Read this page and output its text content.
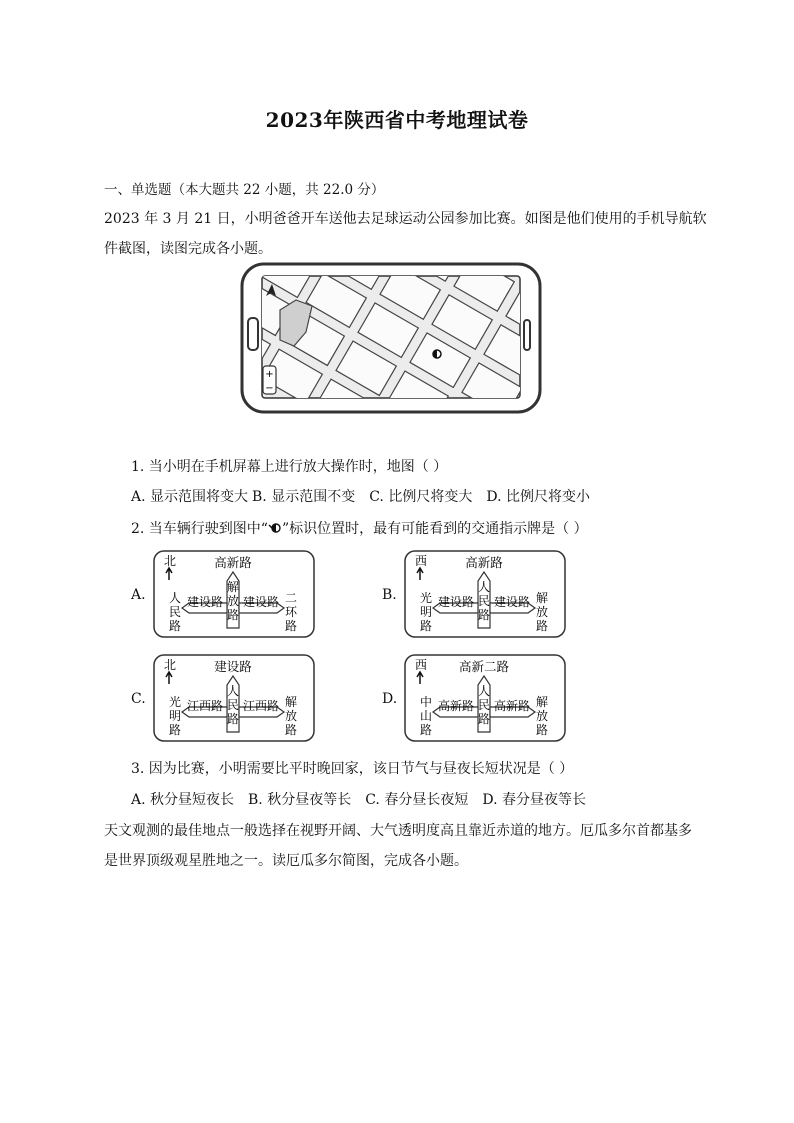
2023年陕西省中考地理试卷
一、单选题（本大题共 22 小题，共 22.0 分）
2023 年 3 月 21 日，小明爸爸开车送他去足球运动公园参加比赛。如图是他们使用的手机导航软
件截图，读图完成各小题。
+
−
1. 当小明在手机屏幕上进行放大操作时，地图（ ）
A. 显示范围将变大 B. 显示范围不变 C. 比例尺将变大 D. 比例尺将变小
2. 当车辆行驶到图中“ ”标识位置时，最有可能看到的交通指示牌是（ ）
A.
北	高新路
解
放
路
建设路 建设路
人
民
路
二
环
路
B.
西	高新路
人
民
路
建设路 建设路
光
明
路
解
放
路
C.
北	建设路
人
民
路
江西路 江西路
光
明
路
解
放
路
D.
西	高新二路
人
民
路
高新路 高新路
中
山
路
解
放
路
3. 因为比赛，小明需要比平时晚回家，该日节气与昼夜长短状况是（ ）
A. 秋分昼短夜长 B. 秋分昼夜等长 C. 春分昼长夜短 D. 春分昼夜等长
天文观测的最佳地点一般选择在视野开阔、大气透明度高且靠近赤道的地方。厄瓜多尔首都基多
是世界顶级观星胜地之一。读厄瓜多尔简图，完成各小题。
